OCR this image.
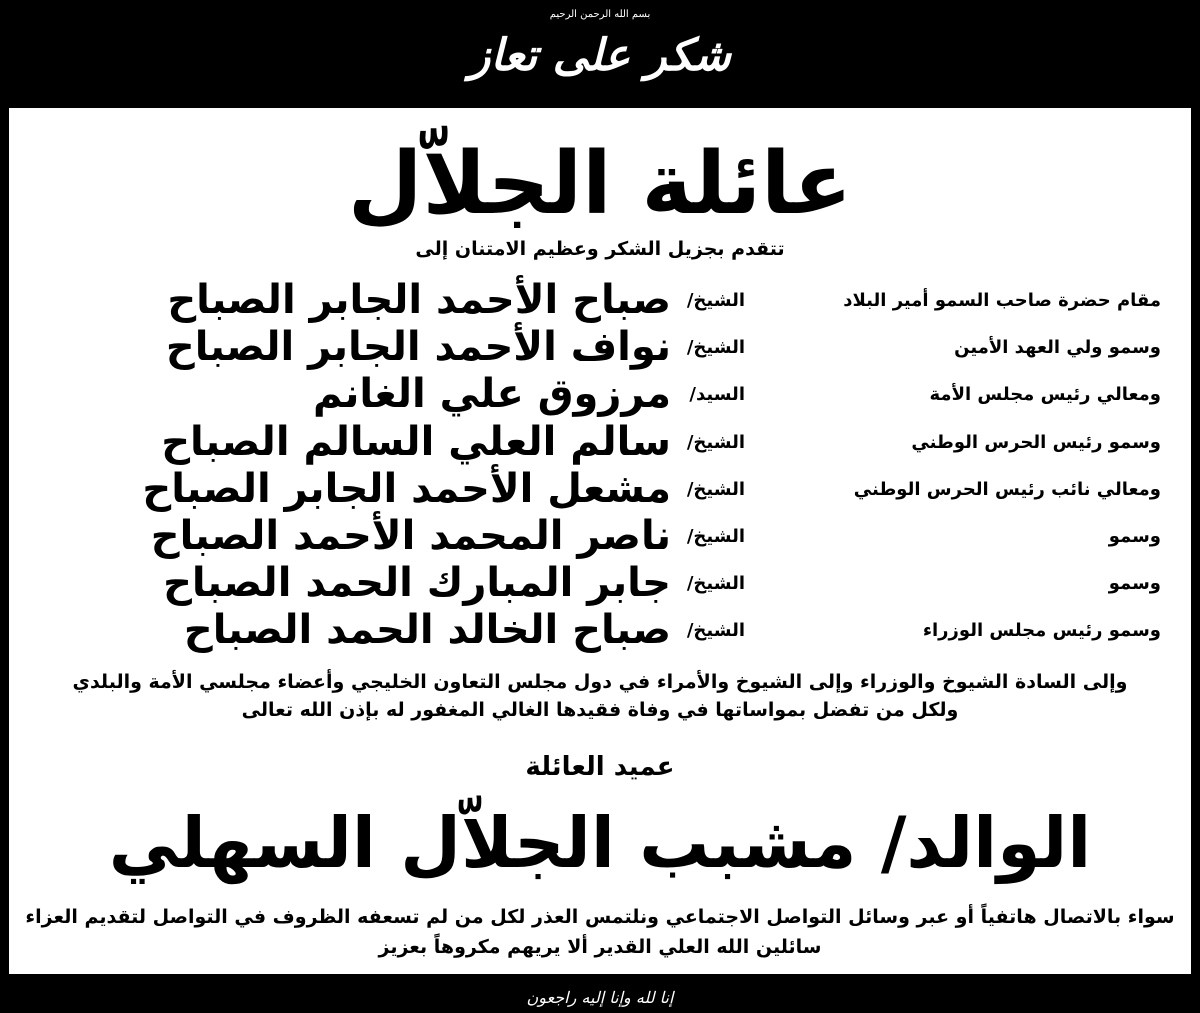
بسم الله الرحمن الرحيم
شكر على تعاز
عائلة الجلاّل
تتقدم بجزيل الشكر وعظيم الامتنان إلى
مقام حضرة صاحب السمو أمير البلاد
الشيخ/
صباح الأحمد الجابر الصباح
وسمو ولي العهد الأمين
الشيخ/
نواف الأحمد الجابر الصباح
ومعالي رئيس مجلس الأمة
السيد/
مرزوق علي الغانم
وسمو رئيس الحرس الوطني
الشيخ/
سالم العلي السالم الصباح
ومعالي نائب رئيس الحرس الوطني
الشيخ/
مشعل الأحمد الجابر الصباح
وسمو
الشيخ/
ناصر المحمد الأحمد الصباح
وسمو
الشيخ/
جابر المبارك الحمد الصباح
وسمو رئيس مجلس الوزراء
الشيخ/
صباح الخالد الحمد الصباح
وإلى السادة الشيوخ والوزراء وإلى الشيوخ والأمراء في دول مجلس التعاون الخليجي وأعضاء مجلسي الأمة والبلدي
ولكل من تفضل بمواساتها في وفاة فقيدها الغالي المغفور له بإذن الله تعالى
عميد العائلة
الوالد/ مشبب الجلاّل السهلي
سواء بالاتصال هاتفياً أو عبر وسائل التواصل الاجتماعي ونلتمس العذر لكل من لم تسعفه الظروف في التواصل لتقديم العزاء
سائلين الله العلي القدير ألا يريهم مكروهاً بعزيز
إنا لله وإنا إليه راجعون
